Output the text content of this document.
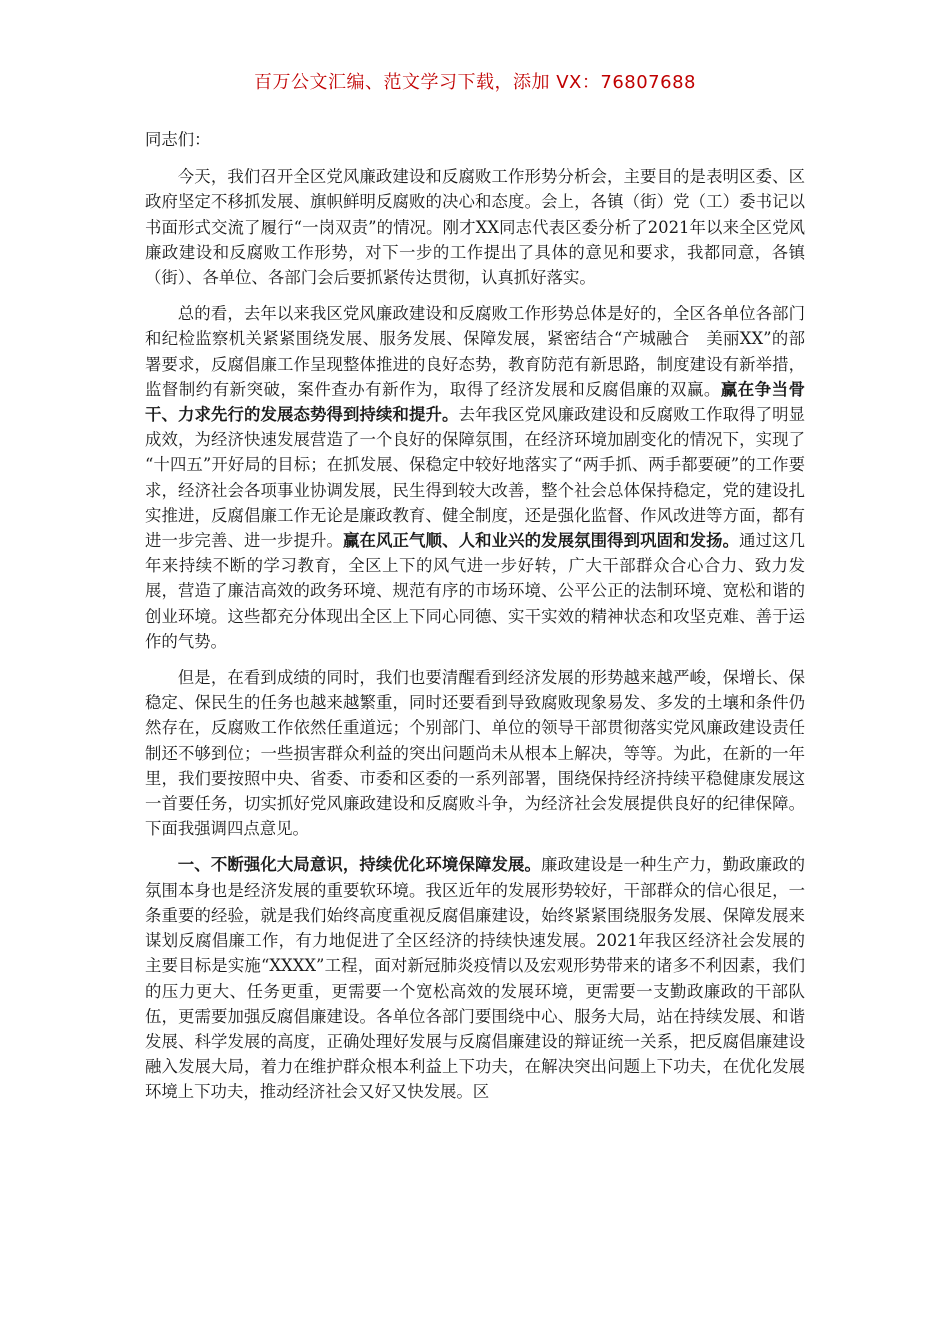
百万公文汇编、范文学习下载，添加 VX：76807688

同志们：

今天，我们召开全区党风廉政建设和反腐败工作形势分析会，主要目的是表明区委、区政府坚定不移抓发展、旗帜鲜明反腐败的决心和态度。会上，各镇（街）党（工）委书记以书面形式交流了履行“一岗双责”的情况。刚才XX同志代表区委分析了2021年以来全区党风廉政建设和反腐败工作形势，对下一步的工作提出了具体的意见和要求，我都同意，各镇（街）、各单位、各部门会后要抓紧传达贯彻，认真抓好落实。

总的看，去年以来我区党风廉政建设和反腐败工作形势总体是好的，全区各单位各部门和纪检监察机关紧紧围绕发展、服务发展、保障发展，紧密结合“产城融合　美丽XX”的部署要求，反腐倡廉工作呈现整体推进的良好态势，教育防范有新思路，制度建设有新举措，监督制约有新突破，案件查办有新作为，取得了经济发展和反腐倡廉的双赢。赢在争当骨干、力求先行的发展态势得到持续和提升。去年我区党风廉政建设和反腐败工作取得了明显成效，为经济快速发展营造了一个良好的保障氛围，在经济环境加剧变化的情况下，实现了 “十四五”开好局的目标；在抓发展、保稳定中较好地落实了“两手抓、两手都要硬”的工作要求，经济社会各项事业协调发展，民生得到较大改善，整个社会总体保持稳定，党的建设扎实推进，反腐倡廉工作无论是廉政教育、健全制度，还是强化监督、作风改进等方面，都有进一步完善、进一步提升。赢在风正气顺、人和业兴的发展氛围得到巩固和发扬。通过这几年来持续不断的学习教育，全区上下的风气进一步好转，广大干部群众合心合力、致力发展，营造了廉洁高效的政务环境、规范有序的市场环境、公平公正的法制环境、宽松和谐的创业环境。这些都充分体现出全区上下同心同德、实干实效的精神状态和攻坚克难、善于运作的气势。

但是，在看到成绩的同时，我们也要清醒看到经济发展的形势越来越严峻，保增长、保稳定、保民生的任务也越来越繁重，同时还要看到导致腐败现象易发、多发的土壤和条件仍然存在，反腐败工作依然任重道远；个别部门、单位的领导干部贯彻落实党风廉政建设责任制还不够到位；一些损害群众利益的突出问题尚未从根本上解决，等等。为此，在新的一年里，我们要按照中央、省委、市委和区委的一系列部署，围绕保持经济持续平稳健康发展这一首要任务，切实抓好党风廉政建设和反腐败斗争，为经济社会发展提供良好的纪律保障。下面我强调四点意见。

一、不断强化大局意识，持续优化环境保障发展。廉政建设是一种生产力，勤政廉政的氛围本身也是经济发展的重要软环境。我区近年的发展形势较好，干部群众的信心很足，一条重要的经验，就是我们始终高度重视反腐倡廉建设，始终紧紧围绕服务发展、保障发展来谋划反腐倡廉工作，有力地促进了全区经济的持续快速发展。2021年我区经济社会发展的主要目标是实施“XXXX”工程，面对新冠肺炎疫情以及宏观形势带来的诸多不利因素，我们的压力更大、任务更重，更需要一个宽松高效的发展环境，更需要一支勤政廉政的干部队伍，更需要加强反腐倡廉建设。各单位各部门要围绕中心、服务大局，站在持续发展、和谐发展、科学发展的高度，正确处理好发展与反腐倡廉建设的辩证统一关系，把反腐倡廉建设融入发展大局，着力在维护群众根本利益上下功夫，在解决突出问题上下功夫，在优化发展环境上下功夫，推动经济社会又好又快发展。区
